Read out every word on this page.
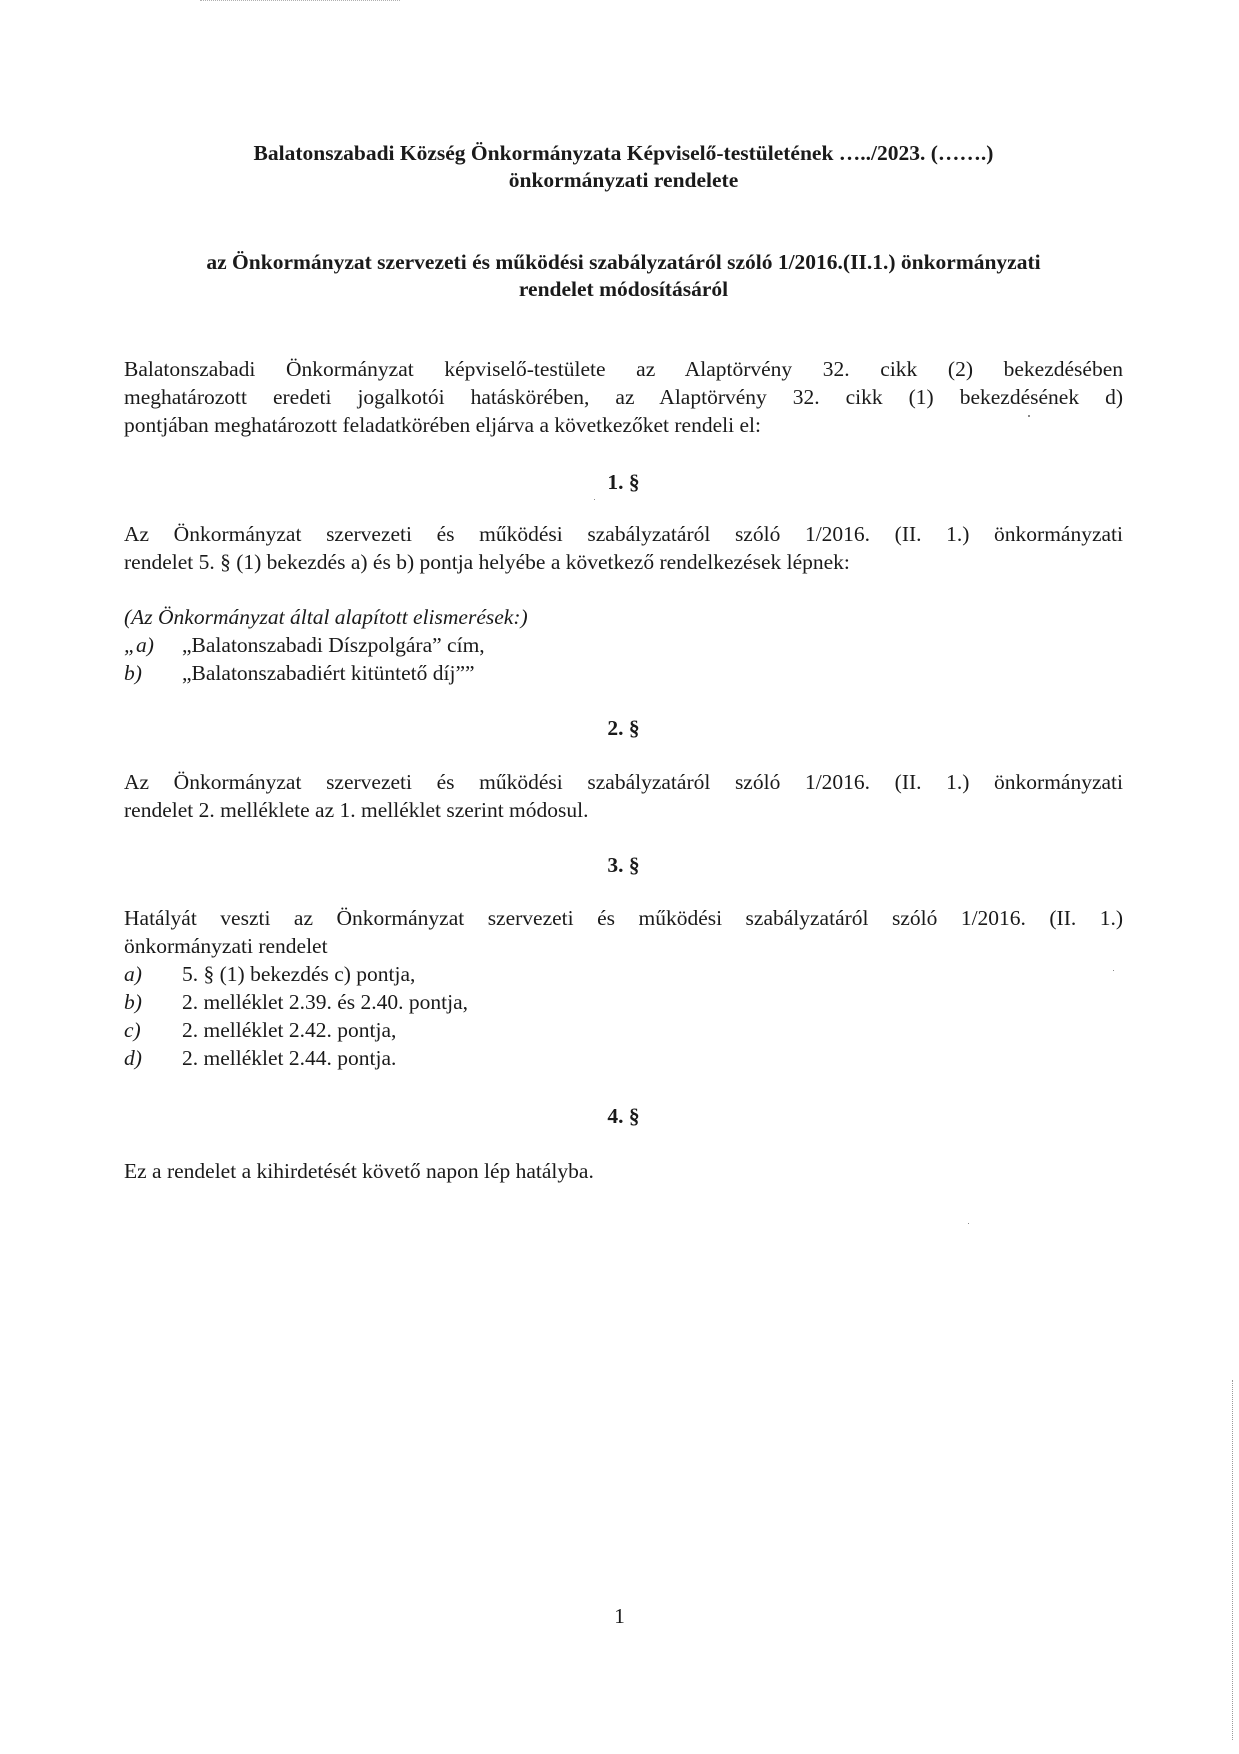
Balatonszabadi Község Önkormányzata Képviselő-testületének …../2023. (…….)
önkormányzati rendelete
az Önkormányzat szervezeti és működési szabályzatáról szóló 1/2016.(II.1.) önkormányzati
rendelet módosításáról
Balatonszabadi Önkormányzat képviselő-testülete az Alaptörvény 32. cikk (2) bekezdésében
meghatározott eredeti jogalkotói hatáskörében, az Alaptörvény 32. cikk (1) bekezdésének d)
pontjában meghatározott feladatkörében eljárva a következőket rendeli el:
1. §
Az Önkormányzat szervezeti és működési szabályzatáról szóló 1/2016. (II. 1.) önkormányzati
rendelet 5. § (1) bekezdés a) és b) pontja helyébe a következő rendelkezések lépnek:
(Az Önkormányzat által alapított elismerések:)
„a)	„Balatonszabadi Díszpolgára” cím,
b)	„Balatonszabadiért kitüntető díj””
2. §
Az Önkormányzat szervezeti és működési szabályzatáról szóló 1/2016. (II. 1.) önkormányzati
rendelet 2. melléklete az 1. melléklet szerint módosul.
3. §
Hatályát veszti az Önkormányzat szervezeti és működési szabályzatáról szóló 1/2016. (II. 1.)
önkormányzati rendelet
a)	5. § (1) bekezdés c) pontja,
b)	2. melléklet 2.39. és 2.40. pontja,
c)	2. melléklet 2.42. pontja,
d)	2. melléklet 2.44. pontja.
4. §
Ez a rendelet a kihirdetését követő napon lép hatályba.
1
